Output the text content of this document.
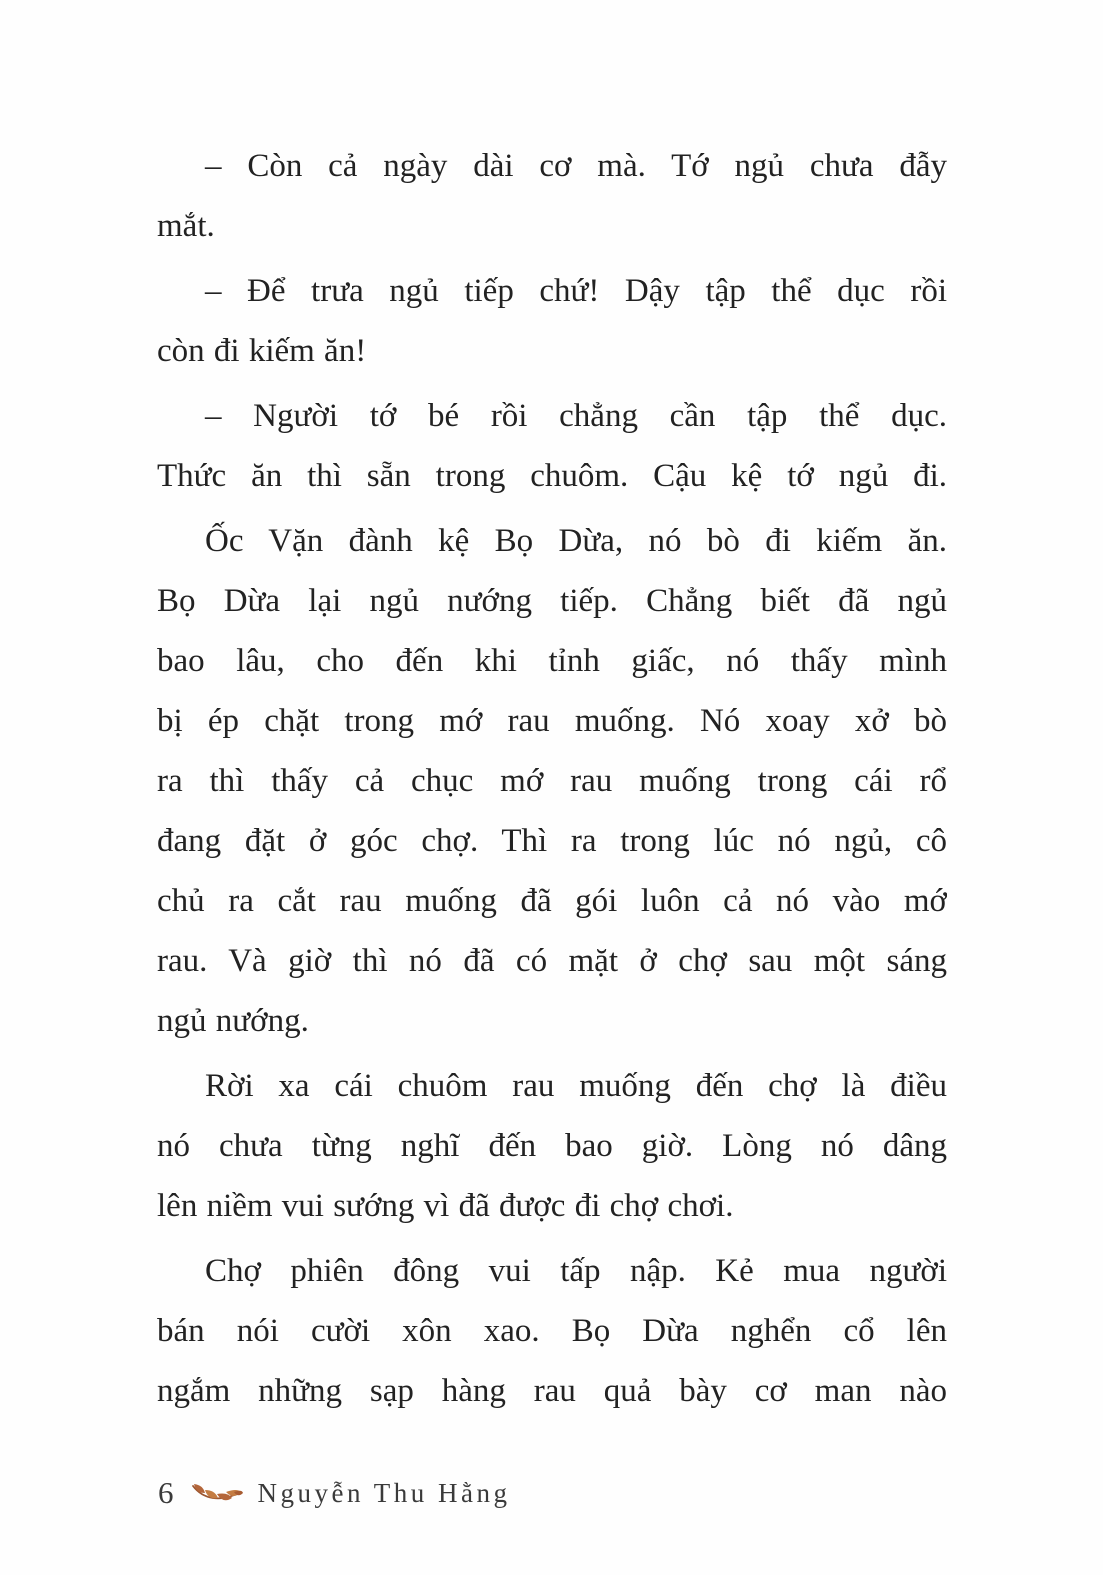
– Còn cả ngày dài cơ mà. Tớ ngủ chưa đẫy
mắt.
– Để trưa ngủ tiếp chứ! Dậy tập thể dục rồi
còn đi kiếm ăn!
– Người tớ bé rồi chẳng cần tập thể dục.
Thức ăn thì sẵn trong chuôm. Cậu kệ tớ ngủ đi.
Ốc Vặn đành kệ Bọ Dừa, nó bò đi kiếm ăn.
Bọ Dừa lại ngủ nướng tiếp. Chẳng biết đã ngủ
bao lâu, cho đến khi tỉnh giấc, nó thấy mình
bị ép chặt trong mớ rau muống. Nó xoay xở bò
ra thì thấy cả chục mớ rau muống trong cái rổ
đang đặt ở góc chợ. Thì ra trong lúc nó ngủ, cô
chủ ra cắt rau muống đã gói luôn cả nó vào mớ
rau. Và giờ thì nó đã có mặt ở chợ sau một sáng
ngủ nướng.
Rời xa cái chuôm rau muống đến chợ là điều
nó chưa từng nghĩ đến bao giờ. Lòng nó dâng
lên niềm vui sướng vì đã được đi chợ chơi.
Chợ phiên đông vui tấp nập. Kẻ mua người
bán nói cười xôn xao. Bọ Dừa nghển cổ lên
ngắm những sạp hàng rau quả bày cơ man nào
6	Nguyễn Thu Hằng
